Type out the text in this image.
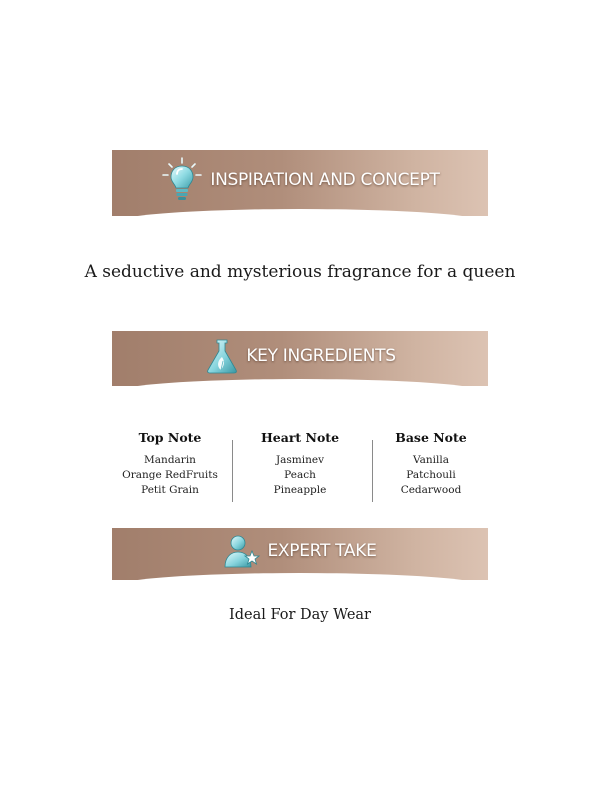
INSPIRATION AND CONCEPT
A seductive and mysterious fragrance for a queen
KEY INGREDIENTS
Top Note
Mandarin
Orange RedFruits
Petit Grain
Heart Note
Jasminev
Peach
Pineapple
Base Note
Vanilla
Patchouli
Cedarwood
EXPERT TAKE
Ideal For Day Wear
